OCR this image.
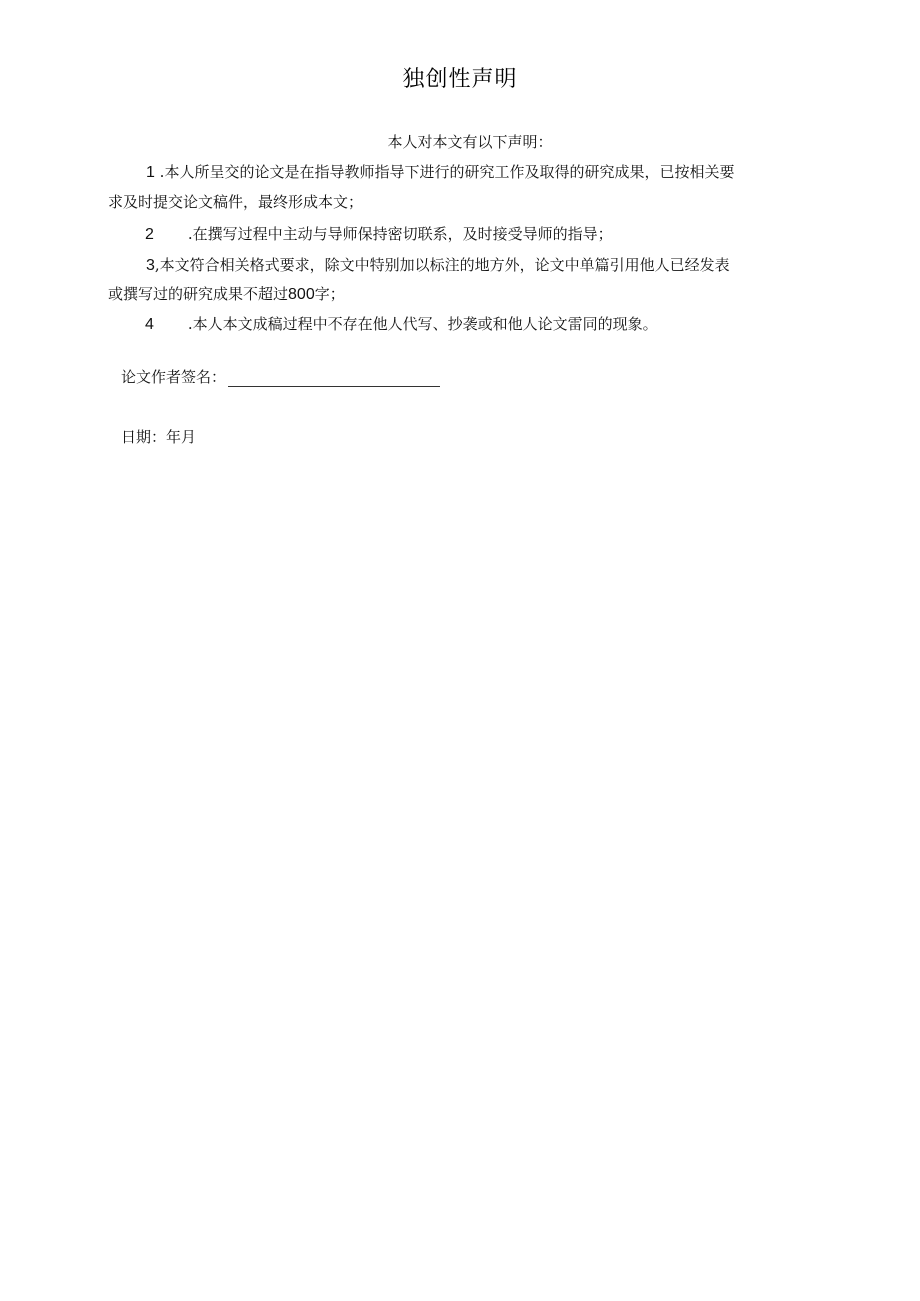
独创性声明
本人对本文有以下声明：
1 .本人所呈交的论文是在指导教师指导下进行的研究工作及取得的研究成果，已按相关要
求及时提交论文稿件，最终形成本文；
2 .在撰写过程中主动与导师保持密切联系，及时接受导师的指导；
3,本文符合相关格式要求，除文中特别加以标注的地方外，论文中单篇引用他人已经发表
或撰写过的研究成果不超过800字；
4 .本人本文成稿过程中不存在他人代写、抄袭或和他人论文雷同的现象。
论文作者签名：
日期：年月
